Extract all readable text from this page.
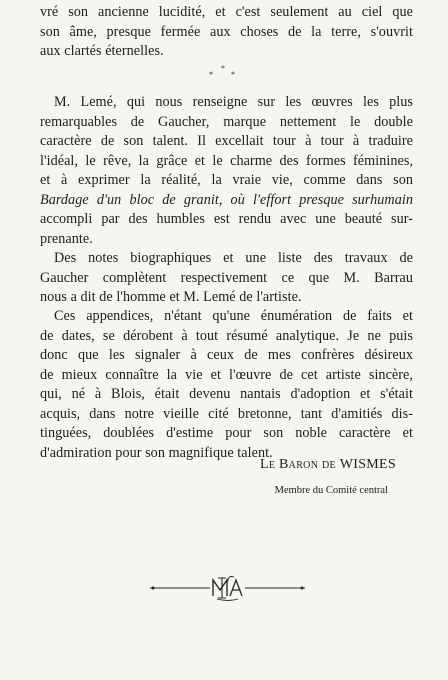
vré son ancienne lucidité, et c'est seulement au ciel que
son âme, presque fermée aux choses de la terre, s'ouvrit
aux clartés éternelles.

*
*
*

M. Lemé, qui nous renseigne sur les œuvres les plus
remarquables de Gaucher, marque nettement le double
caractère de son talent. Il excellait tour à tour à traduire
l'idéal, le rêve, la grâce et le charme des formes féminines,
et à exprimer la réalité, la vraie vie, comme dans son
Bardage d'un bloc de granit, où l'effort presque surhumain
accompli par des humbles est rendu avec une beauté sur-
prenante.

Des notes biographiques et une liste des travaux de
Gaucher complètent respectivement ce que M. Barrau
nous a dit de l'homme et M. Lemé de l'artiste.

Ces appendices, n'étant qu'une énumération de faits et
de dates, se dérobent à tout résumé analytique. Je ne puis
donc que les signaler à ceux de mes confrères désireux
de mieux connaître la vie et l'œuvre de cet artiste sincère,
qui, né à Blois, était devenu nantais d'adoption et s'était
acquis, dans notre vieille cité bretonne, tant d'amitiés dis-
tinguées, doublées d'estime pour son noble caractère et
d'admiration pour son magnifique talent.

Le Baron de WISMES
Membre du Comité central
